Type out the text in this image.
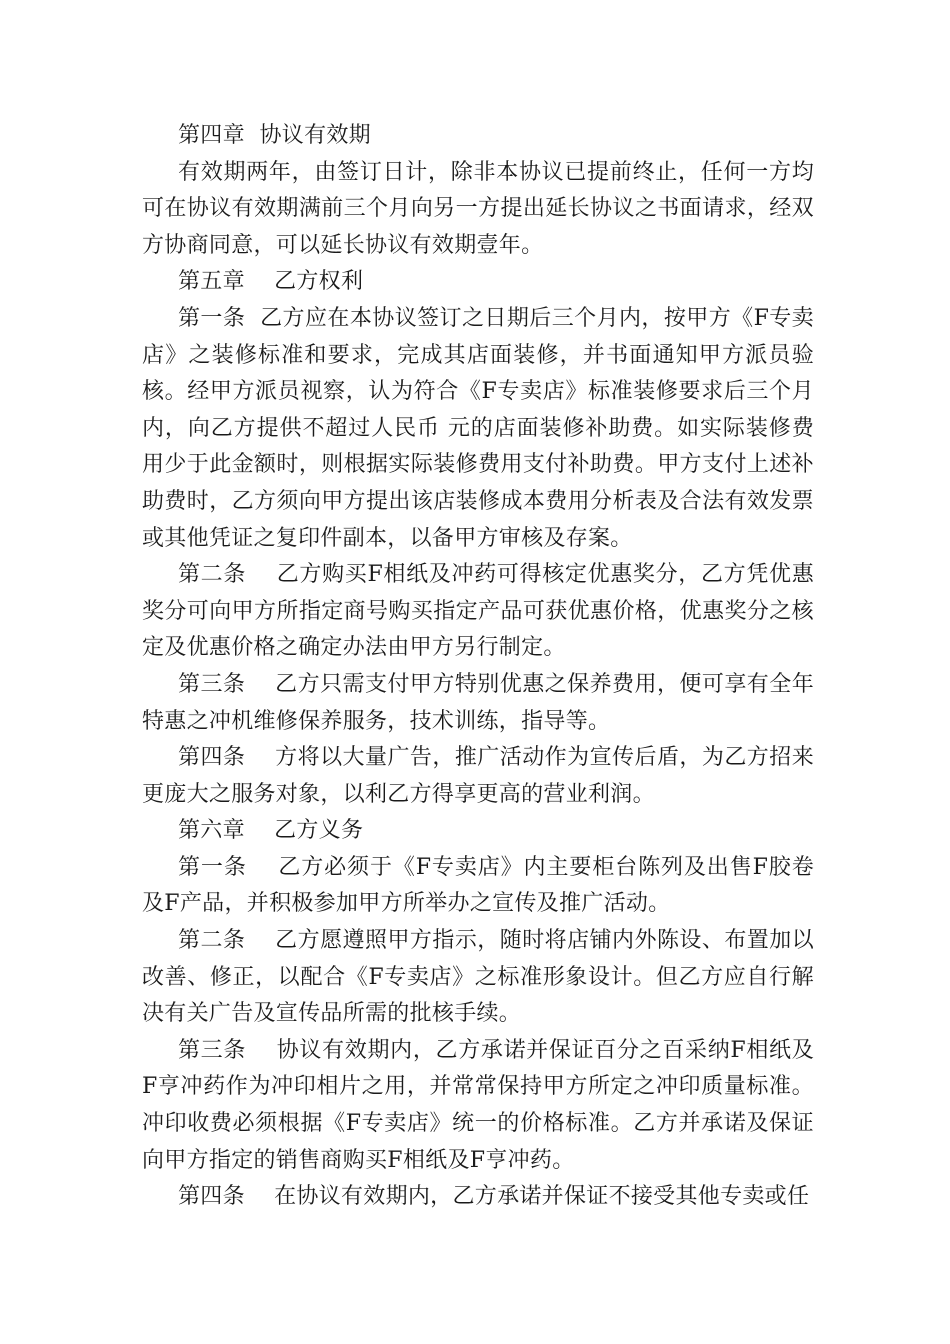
第四章  协议有效期

有效期两年，由签订日计，除非本协议已提前终止，任何一方均可在协议有效期满前三个月向另一方提出延长协议之书面请求，经双方协商同意，可以延长协议有效期壹年。

第五章    乙方权利

第一条  乙方应在本协议签订之日期后三个月内，按甲方《F专卖店》之装修标准和要求，完成其店面装修，并书面通知甲方派员验核。经甲方派员视察，认为符合《F专卖店》标准装修要求后三个月内，向乙方提供不超过人民币 元的店面装修补助费。如实际装修费用少于此金额时，则根据实际装修费用支付补助费。甲方支付上述补助费时，乙方须向甲方提出该店装修成本费用分析表及合法有效发票或其他凭证之复印件副本，以备甲方审核及存案。

第二条    乙方购买F相纸及冲药可得核定优惠奖分，乙方凭优惠奖分可向甲方所指定商号购买指定产品可获优惠价格，优惠奖分之核定及优惠价格之确定办法由甲方另行制定。

第三条    乙方只需支付甲方特别优惠之保养费用，便可享有全年特惠之冲机维修保养服务，技术训练，指导等。

第四条    方将以大量广告，推广活动作为宣传后盾，为乙方招来更庞大之服务对象，以利乙方得享更高的营业利润。

第六章    乙方义务

第一条    乙方必须于《F专卖店》内主要柜台陈列及出售F胶卷及F产品，并积极参加甲方所举办之宣传及推广活动。

第二条    乙方愿遵照甲方指示，随时将店铺内外陈设、布置加以改善、修正，以配合《F专卖店》之标准形象设计。但乙方应自行解决有关广告及宣传品所需的批核手续。

第三条    协议有效期内，乙方承诺并保证百分之百采纳F相纸及F亨冲药作为冲印相片之用，并常常保持甲方所定之冲印质量标准。冲印收费必须根据《F专卖店》统一的价格标准。乙方并承诺及保证向甲方指定的销售商购买F相纸及F亨冲药。

第四条    在协议有效期内，乙方承诺并保证不接受其他专卖或任
